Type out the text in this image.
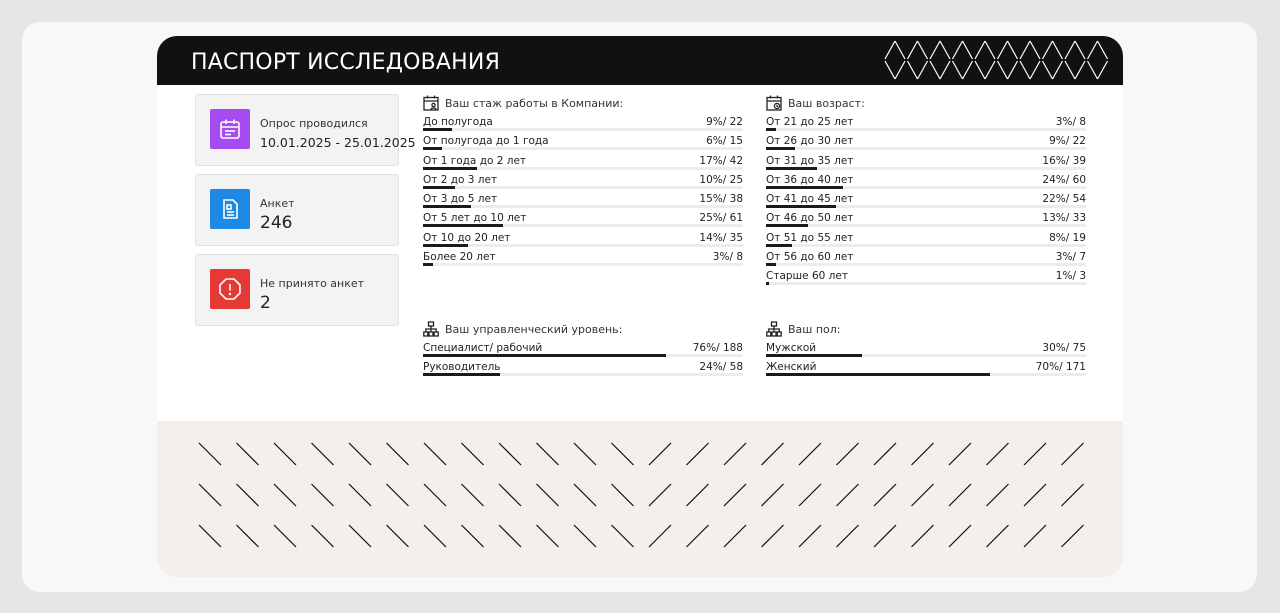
ПАСПОРТ ИССЛЕДОВАНИЯ
Опрос проводился
10.01.2025 - 25.01.2025
Анкет
246
Не принято анкет
2
Ваш стаж работы в Компании:
До полугода	9%/ 22
От полугода до 1 года	6%/ 15
От 1 года до 2 лет	17%/ 42
От 2 до 3 лет	10%/ 25
От 3 до 5 лет	15%/ 38
От 5 лет до 10 лет	25%/ 61
От 10 до 20 лет	14%/ 35
Более 20 лет	3%/ 8
Ваш возраст:
От 21 до 25 лет	3%/ 8
От 26 до 30 лет	9%/ 22
От 31 до 35 лет	16%/ 39
От 36 до 40 лет	24%/ 60
От 41 до 45 лет	22%/ 54
От 46 до 50 лет	13%/ 33
От 51 до 55 лет	8%/ 19
От 56 до 60 лет	3%/ 7
Старше 60 лет	1%/ 3
Ваш управленческий уровень:
Специалист/ рабочий	76%/ 188
Руководитель	24%/ 58
Ваш пол:
Мужской	30%/ 75
Женский	70%/ 171
